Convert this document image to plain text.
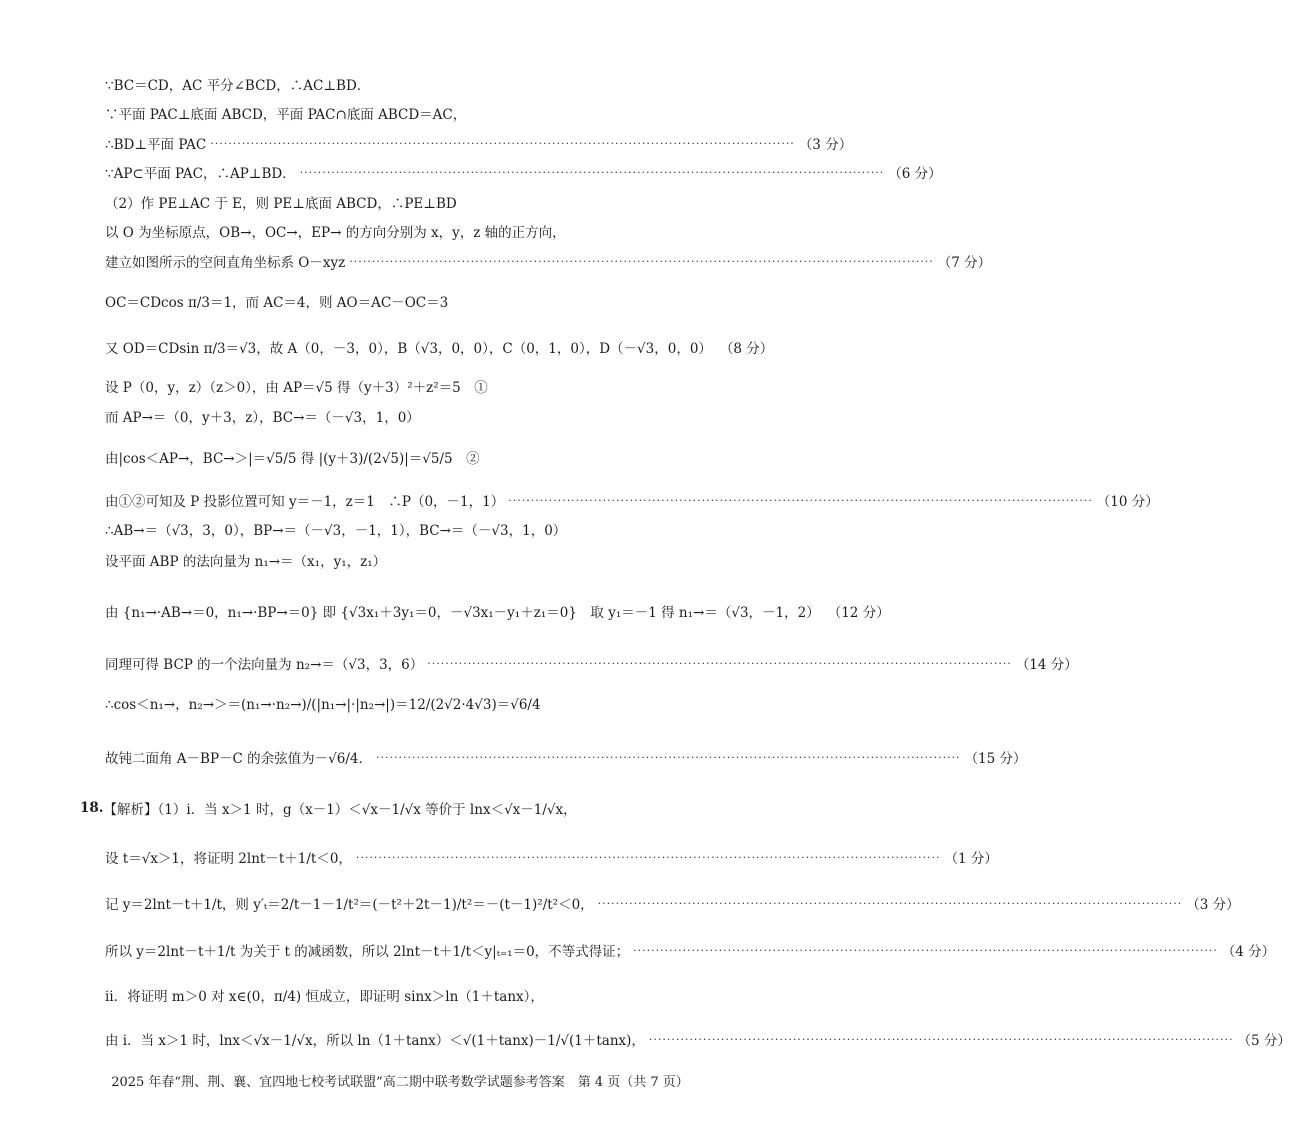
∵BC＝CD，AC 平分∠BCD，∴AC⊥BD．
∵平面 PAC⊥底面 ABCD，平面 PAC∩底面 ABCD＝AC，
∴BD⊥平面 PAC ·································································································································· （3 分）
∵AP⊂平面 PAC，∴AP⊥BD． ·································································································································· （6 分）
（2）作 PE⊥AC 于 E，则 PE⊥底面 ABCD，∴PE⊥BD
以 O 为坐标原点，OB→，OC→，EP→ 的方向分别为 x，y，z 轴的正方向，
建立如图所示的空间直角坐标系 O－xyz ·································································································································· （7 分）
OC＝CDcos π/3＝1，而 AC＝4，则 AO＝AC－OC＝3
又 OD＝CDsin π/3＝√3，故 A（0，－3，0），B（√3，0，0），C（0，1，0），D（－√3，0，0） （8 分）
设 P（0，y，z）（z＞0），由 AP＝√5 得（y＋3）²＋z²＝5　①
而 AP→＝（0，y＋3，z），BC→＝（－√3，1，0）
由|cos＜AP→，BC→＞|＝√5/5 得 |(y＋3)/(2√5)|＝√5/5　②
由①②可知及 P 投影位置可知 y＝－1，z＝1　∴P（0，－1，1） ·································································································································· （10 分）
∴AB→＝（√3，3，0），BP→＝（－√3，－1，1），BC→＝（－√3，1，0）
设平面 ABP 的法向量为 n₁→＝（x₁，y₁，z₁）
由 {n₁→·AB→＝0，n₁→·BP→＝0} 即 {√3x₁＋3y₁＝0，－√3x₁－y₁＋z₁＝0}　取 y₁＝－1 得 n₁→＝（√3，－1，2） （12 分）
同理可得 BCP 的一个法向量为 n₂→＝（√3，3，6） ·································································································································· （14 分）
∴cos＜n₁→，n₂→＞＝(n₁→·n₂→)/(|n₁→|·|n₂→|)＝12/(2√2·4√3)＝√6/4
故钝二面角 A－BP－C 的余弦值为－√6/4． ·································································································································· （15 分）
18. 【解析】（1）ⅰ．当 x＞1 时，g（x－1）＜√x－1/√x 等价于 lnx＜√x－1/√x，
设 t＝√x＞1，将证明 2lnt－t＋1/t＜0， ·································································································································· （1 分）
记 y＝2lnt－t＋1/t，则 y′ₜ＝2/t－1－1/t²＝(－t²＋2t－1)/t²＝－(t－1)²/t²＜0， ·································································································································· （3 分）
所以 y＝2lnt－t＋1/t 为关于 t 的减函数，所以 2lnt－t＋1/t＜y|ₜ₌₁＝0，不等式得证； ·································································································································· （4 分）
ⅱ．将证明 m＞0 对 x∈(0，π/4) 恒成立，即证明 sinx＞ln（1＋tanx），
由 ⅰ．当 x＞1 时，lnx＜√x－1/√x，所以 ln（1＋tanx）＜√(1＋tanx)－1/√(1＋tanx)， ·································································································································· （5 分）
2025 年春“荆、荆、襄、宜四地七校考试联盟”高二期中联考数学试题参考答案　第 4 页（共 7 页）
